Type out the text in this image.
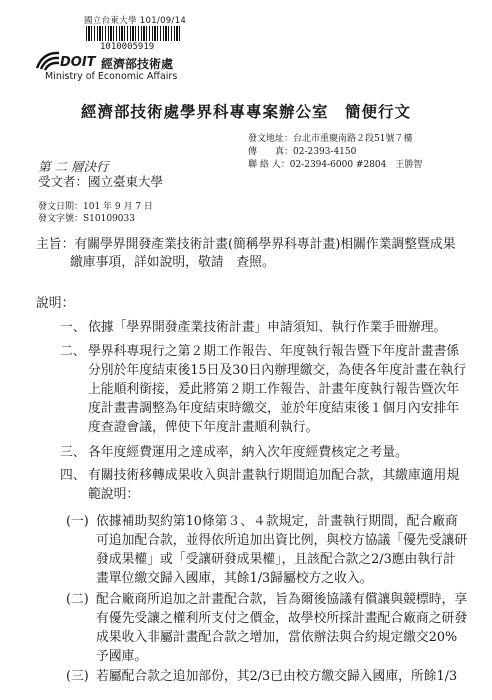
國立台東大學 101/09/14
1010005919
DOIT 經濟部技術處
Ministry of Economic Affairs
經濟部技術處學界科專專案辦公室　簡便行文
發文地址：台北市重慶南路２段51號７樓
傳　　真：02-2393-4150
聯 絡 人：02-2394-6000 #2804　王勝智
第 二 層決行
受文者：國立臺東大學
發文日期：101 年 9 月 7 日
發文字號：S10109033
主旨： 有關學界開發產業技術計畫(簡稱學界科專計畫)相關作業調整暨成果繳庫事項，詳如說明，敬請　查照。

說明：
一、 依據「學界開發產業技術計畫」申請須知、執行作業手冊辦理。

二、 學界科專現行之第２期工作報告、年度執行報告暨下年度計畫書係分別於年度結束後15日及30日內辦理繳交，為使各年度計畫在執行上能順利銜接，爰此將第２期工作報告、計畫年度執行報告暨次年度計畫書調整為年度結束時繳交，並於年度結束後１個月內安排年度查證會議，俾使下年度計畫順利執行。

三、 各年度經費運用之達成率，納入次年度經費核定之考量。

四、 有關技術移轉成果收入與計畫執行期間追加配合款，其繳庫適用規範說明：

(一) 依據補助契約第10條第３、４款規定，計畫執行期間，配合廠商可追加配合款，並得依所追加出資比例，與校方協議「優先受讓研發成果權」或「受讓研發成果權」，且該配合款之2/3應由執行計畫單位繳交歸入國庫，其餘1/3歸屬校方之收入。

(二) 配合廠商所追加之計畫配合款，旨為爾後協議有償讓與競標時，享有優先受讓之權利所支付之價金，故學校所採計畫配合廠商之研發成果收入非屬計畫配合款之增加，當依辦法與合約規定繳交20%予國庫。

(三) 若屬配合款之追加部份，其2/3已由校方繳交歸入國庫，所餘1/3
